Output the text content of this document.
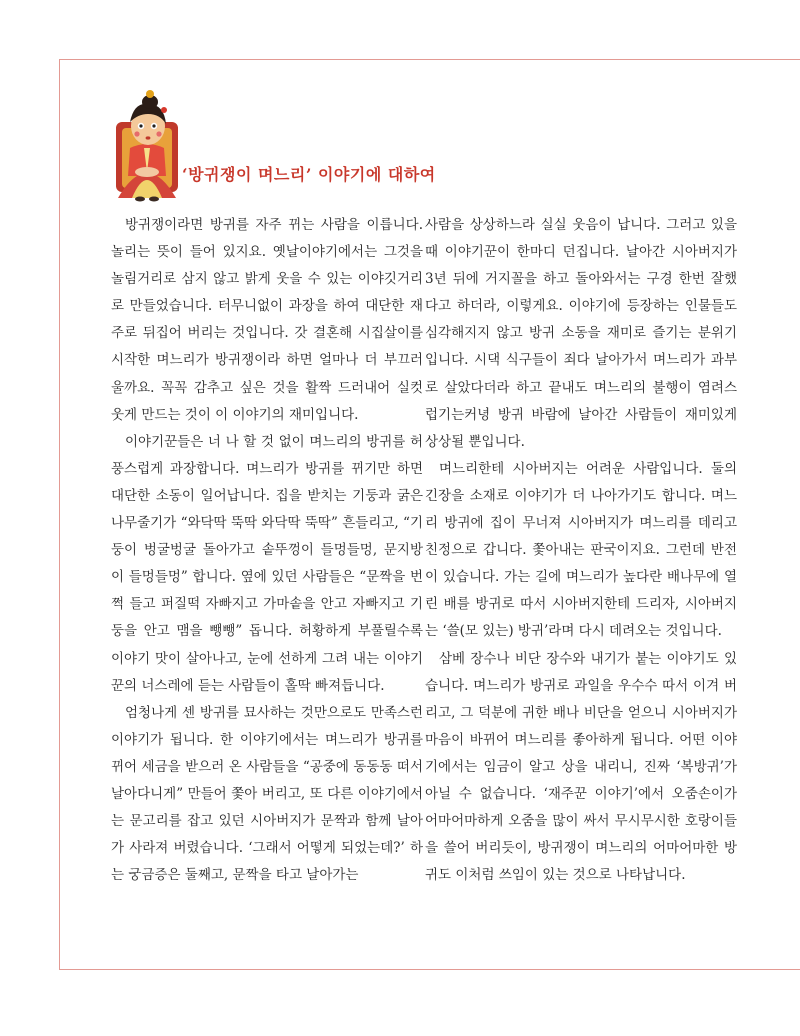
‘방귀쟁이 며느리’ 이야기에 대하여

방귀쟁이라면 방귀를 자주 뀌는 사람을 이릅니다. 놀리는 뜻이 들어 있지요. 옛날이야기에서는 그것을 놀림거리로 삼지 않고 밝게 웃을 수 있는 이야깃거리로 만들었습니다. 터무니없이 과장을 하여 대단한 재주로 뒤집어 버리는 것입니다. 갓 결혼해 시집살이를 시작한 며느리가 방귀쟁이라 하면 얼마나 더 부끄러울까요. 꼭꼭 감추고 싶은 것을 활짝 드러내어 실컷 웃게 만드는 것이 이 이야기의 재미입니다.

이야기꾼들은 너 나 할 것 없이 며느리의 방귀를 허풍스럽게 과장합니다. 며느리가 방귀를 뀌기만 하면 대단한 소동이 일어납니다. 집을 받치는 기둥과 굵은 나무줄기가 “와닥딱 뚝딱 와닥딱 뚝딱” 흔들리고, “기둥이 벙굴벙굴 돌아가고 솥뚜껑이 들멍들멍, 문지방이 들멍들멍” 합니다. 옆에 있던 사람들은 “문짝을 번쩍 들고 퍼질떡 자빠지고 가마솥을 안고 자빠지고 기둥을 안고 맴을 뺑뺑” 돕니다. 허황하게 부풀릴수록 이야기 맛이 살아나고, 눈에 선하게 그려 내는 이야기꾼의 너스레에 듣는 사람들이 홀딱 빠져듭니다.

엄청나게 센 방귀를 묘사하는 것만으로도 만족스런 이야기가 됩니다. 한 이야기에서는 며느리가 방귀를 뀌어 세금을 받으러 온 사람들을 “공중에 동동동 떠서 날아다니게” 만들어 쫓아 버리고, 또 다른 이야기에서는 문고리를 잡고 있던 시아버지가 문짝과 함께 날아가 사라져 버렸습니다. ‘그래서 어떻게 되었는데?’ 하는 궁금증은 둘째고, 문짝을 타고 날아가는

사람을 상상하느라 실실 웃음이 납니다. 그러고 있을 때 이야기꾼이 한마디 던집니다. 날아간 시아버지가 3년 뒤에 거지꼴을 하고 돌아와서는 구경 한번 잘했다고 하더라, 이렇게요. 이야기에 등장하는 인물들도 심각해지지 않고 방귀 소동을 재미로 즐기는 분위기입니다. 시댁 식구들이 죄다 날아가서 며느리가 과부로 살았다더라 하고 끝내도 며느리의 불행이 염려스럽기는커녕 방귀 바람에 날아간 사람들이 재미있게 상상될 뿐입니다.

며느리한테 시아버지는 어려운 사람입니다. 둘의 긴장을 소재로 이야기가 더 나아가기도 합니다. 며느리 방귀에 집이 무너져 시아버지가 며느리를 데리고 친정으로 갑니다. 쫓아내는 판국이지요. 그런데 반전이 있습니다. 가는 길에 며느리가 높다란 배나무에 열린 배를 방귀로 따서 시아버지한테 드리자, 시아버지는 ‘쓸(모 있는) 방귀’라며 다시 데려오는 것입니다.

삼베 장수나 비단 장수와 내기가 붙는 이야기도 있습니다. 며느리가 방귀로 과일을 우수수 따서 이겨 버리고, 그 덕분에 귀한 배나 비단을 얻으니 시아버지가 마음이 바뀌어 며느리를 좋아하게 됩니다. 어떤 이야기에서는 임금이 알고 상을 내리니, 진짜 ‘복방귀’가 아닐 수 없습니다. ‘재주꾼 이야기’에서 오줌손이가 어마어마하게 오줌을 많이 싸서 무시무시한 호랑이들을 쓸어 버리듯이, 방귀쟁이 며느리의 어마어마한 방귀도 이처럼 쓰임이 있는 것으로 나타납니다.
